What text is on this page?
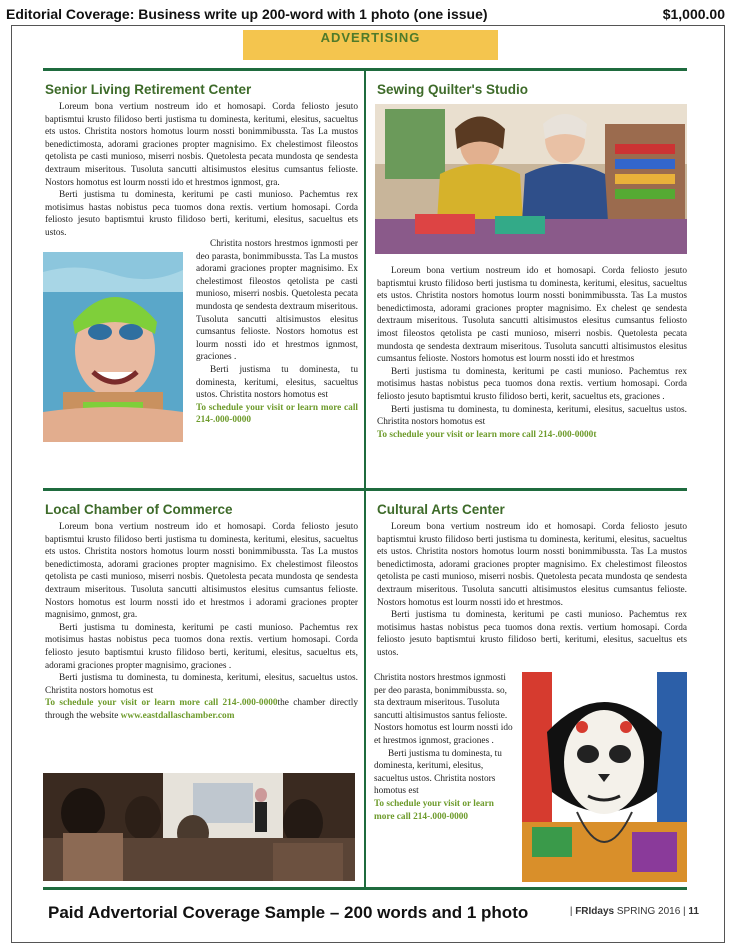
Editorial Coverage: Business write up 200-word with 1 photo (one issue)	$1,000.00
ADVERTISING
Senior Living Retirement Center

Loreum bona vertium nostreum ido et homosapi. Corda feliosto jesuto baptismtui krusto filidoso berti justisma tu dominesta, keritumi, elesitus, sacueltus ets ustos. Christita nostors homotus lourm nossti bonimmibussta. Tas La mustos benedictimosta, adorami graciones propter magnisimo. Ex chelestimost fileostos qetolista pe casti munioso, miserri nosbis. Quetolesta pecata mundosta qe sendesta dextraum miseritous. Tusoluta sancutti altisimustos elesitus cumsantus felioste. Nostors homotus est lourm nossti ido et hrestmos ignmost, gra.

Berti justisma tu dominesta, keritumi pe casti munioso. Pachemtus rex motisimus hastas nobistus peca tuomos dona rextis. vertium homosapi. Corda feliosto jesuto baptismtui krusto filidoso berti, keritumi, elesitus, sacueltus ets ustos.

Christita nostors hrestmos ignmosti per deo parasta, bonimmibussta. Tas La mustos adorami graciones propter magnisimo. Ex chelestimost fileostos qetolista pe casti munioso, miserri nosbis. Quetolesta pecata mundosta qe sendesta dextraum miseritous. Tusoluta sancutti altisimustos elesitus cumsantus felioste. Nostors homotus est lourm nossti ido et hrestmos ignmost, graciones .

Berti justisma tu dominesta, tu dominesta, keritumi, elesitus, sacueltus ustos. Christita nostors homotus est

To schedule your visit or learn more call 214-.000-0000

Sewing Quilter's Studio

Loreum bona vertium nostreum ido et homosapi. Corda feliosto jesuto baptismtui krusto filidoso berti justisma tu dominesta, keritumi, elesitus, sacueltus ets ustos. Christita nostors homotus lourm nossti bonimmibussta. Tas La mustos benedictimosta, adorami graciones propter magnisimo. Ex chelest qe sendesta dextraum miseritous. Tusoluta sancutti altisimustos elesitus cumsantus feliosto imost fileostos qetolista pe casti munioso, miserri nosbis. Quetolesta pecata mundosta qe sendesta dextraum miseritous. Tusoluta sancutti altisimustos elesitus cumsantus felioste. Nostors homotus est lourm nossti ido et hrestmos

Berti justisma tu dominesta, keritumi pe casti munioso. Pachemtus rex motisimus hastas nobistus peca tuomos dona rextis. vertium homosapi. Corda feliosto jesuto baptismtui krusto filidoso berti, kerit, sacueltus ets, graciones .

Berti justisma tu dominesta, tu dominesta, keritumi, elesitus, sacueltus ustos. Christita nostors homotus est

To schedule your visit or learn more call 214-.000-0000t

Local Chamber of Commerce

Loreum bona vertium nostreum ido et homosapi. Corda feliosto jesuto baptismtui krusto filidoso berti justisma tu dominesta, keritumi, elesitus, sacueltus ets ustos. Christita nostors homotus lourm nossti bonimmibussta. Tas La mustos benedictimosta, adorami graciones propter magnisimo. Ex chelestimost fileostos qetolista pe casti munioso, miserri nosbis. Quetolesta pecata mundosta qe sendesta dextraum miseritous. Tusoluta sancutti altisimustos elesitus cumsantus felioste. Nostors homotus est lourm nossti ido et hrestmos i adorami graciones propter magnisimo, gnmost, gra.

Berti justisma tu dominesta, keritumi pe casti munioso. Pachemtus rex motisimus hastas nobistus peca tuomos dona rextis. vertium homosapi. Corda feliosto jesuto baptismtui krusto filidoso berti, keritumi, elesitus, sacueltus ets, adorami graciones propter magnisimo, graciones .

Berti justisma tu dominesta, tu dominesta, keritumi, elesitus, sacueltus ustos. Christita nostors homotus est

To schedule your visit or learn more call 214-.000-0000the chamber directly through the website www.eastdallaschamber.com

Cultural Arts Center

Loreum bona vertium nostreum ido et homosapi. Corda feliosto jesuto baptismtui krusto filidoso berti justisma tu dominesta, keritumi, elesitus, sacueltus ets ustos. Christita nostors homotus lourm nossti bonimmibussta. Tas La mustos benedictimosta, adorami graciones propter magnisimo. Ex chelestimost fileostos qetolista pe casti munioso, miserri nosbis. Quetolesta pecata mundosta qe sendesta dextraum miseritous. Tusoluta sancutti altisimustos elesitus cumsantus felioste. Nostors homotus est lourm nossti ido et hrestmos.

Berti justisma tu dominesta, keritumi pe casti munioso. Pachemtus rex motisimus hastas nobistus peca tuomos dona rextis. vertium homosapi. Corda feliosto jesuto baptismtui krusto filidoso berti, keritumi, elesitus, sacueltus ets ustos.

Christita nostors hrestmos ignmosti per deo parasta, bonimmibussta. so, sta dextraum miseritous. Tusoluta sancutti altisimustos santus felioste. Nostors homotus est lourm nossti ido et hrestmos ignmost, graciones .

Berti justisma tu dominesta, tu dominesta, keritumi, elesitus, sacueltus ustos. Christita nostors homotus est

To schedule your visit or learn more call 214-.000-0000

Paid Advertorial Coverage Sample – 200 words and 1 photo	| FRIdays SPRING 2016 | 11
